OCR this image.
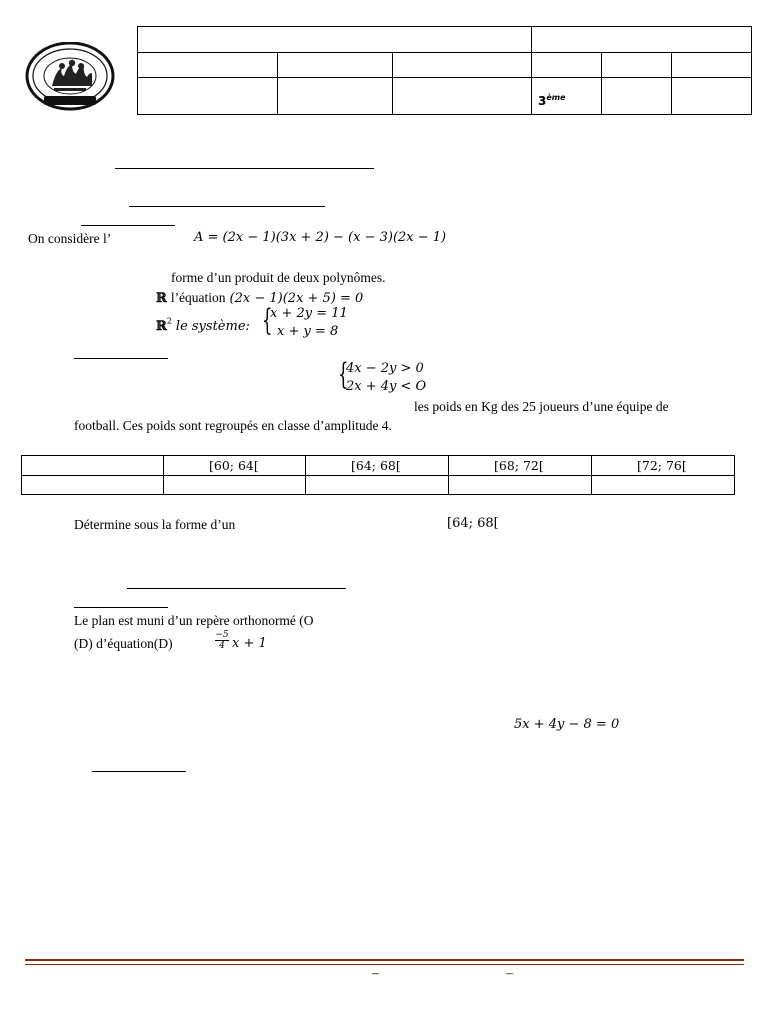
			3ème		
On considère l’	A = (2x − 1)(3x + 2) − (x − 3)(2x − 1)
forme d’un produit de deux polynômes.
ℝ l’équation (2x − 1)(2x + 5) = 0
ℝ$^2$ le système: {
x + 2y = 11
x + y = 8
{
4x − 2y > 0
2x + 4y < O
les poids en Kg des 25 joueurs d’une équipe de
football. Ces poids sont regroupés en classe d’amplitude 4.
	[60; 64[	[64; 68[	[68; 72[	[72; 76[

Détermine sous la forme d’un	[64; 68[
Le plan est muni d’un repère orthonormé (O
(D) d’équation(D)
−5
4 x + 1
5x + 4y − 8 = 0
–	–
